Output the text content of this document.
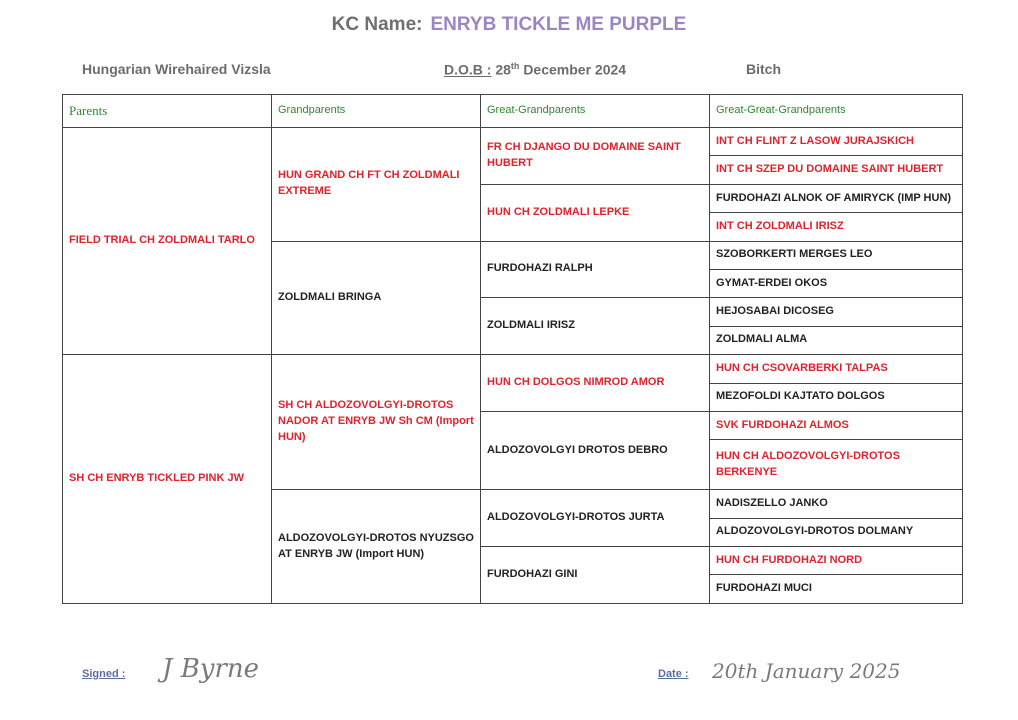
KC Name: ENRYB TICKLE ME PURPLE
Hungarian Wirehaired Vizsla	D.O.B : 28th December 2024	Bitch
Parents	Grandparents	Great-Grandparents	Great-Great-Grandparents
FIELD TRIAL CH ZOLDMALI TARLO	HUN GRAND CH FT CH ZOLDMALI EXTREME	FR CH DJANGO DU DOMAINE SAINT HUBERT	INT CH FLINT Z LASOW JURAJSKICH
			INT CH SZEP DU DOMAINE SAINT HUBERT
		HUN CH ZOLDMALI LEPKE	FURDOHAZI ALNOK OF AMIRYCK (IMP HUN)
			INT CH ZOLDMALI IRISZ
	ZOLDMALI BRINGA	FURDOHAZI RALPH	SZOBORKERTI MERGES LEO
			GYMAT-ERDEI OKOS
		ZOLDMALI IRISZ	HEJOSABAI DICOSEG
			ZOLDMALI ALMA
SH CH ENRYB TICKLED PINK JW	SH CH ALDOZOVOLGYI-DROTOS NADOR AT ENRYB JW Sh CM (Import HUN)	HUN CH DOLGOS NIMROD AMOR	HUN CH CSOVARBERKI TALPAS
			MEZOFOLDI KAJTATO DOLGOS
		ALDOZOVOLGYI DROTOS DEBRO	SVK FURDOHAZI ALMOS
			HUN CH ALDOZOVOLGYI-DROTOS BERKENYE
	ALDOZOVOLGYI-DROTOS NYUZSGO AT ENRYB JW (Import HUN)	ALDOZOVOLGYI-DROTOS JURTA	NADISZELLO JANKO
			ALDOZOVOLGYI-DROTOS DOLMANY
		FURDOHAZI GINI	HUN CH FURDOHAZI NORD
			FURDOHAZI MUCI
Signed : J Byrne	Date : 20th January 2025
